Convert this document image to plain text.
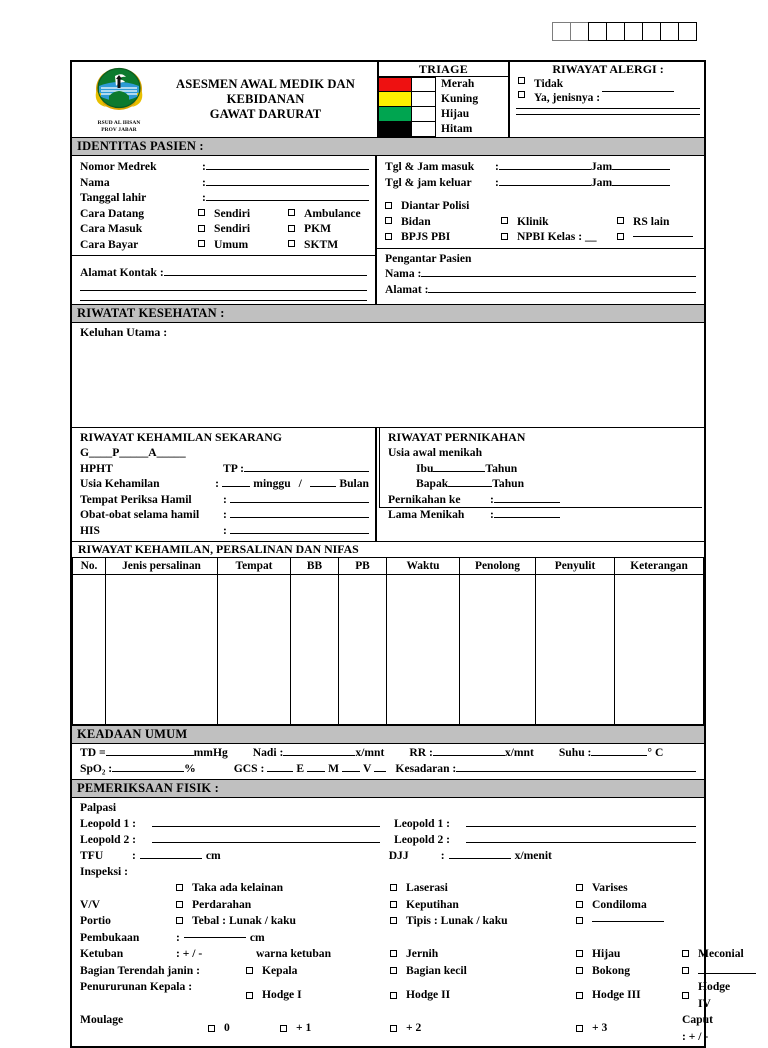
RSUD AL IHSAN
PROV JABAR
ASESMEN AWAL MEDIK DAN
KEBIDANAN
GAWAT DARURAT
TRIAGE
Merah
Kuning
Hijau
Hitam
RIWAYAT ALERGI :
Tidak
Ya, jenisnya :
IDENTITAS PASIEN :
Nomor Medrek	:
Nama	:
Tanggal lahir	:
Cara Datang	Sendiri	Ambulance
Cara Masuk	Sendiri	PKM
Cara Bayar	Umum	SKTM
Alamat Kontak :
Tgl & Jam masuk	:	Jam
Tgl & jam keluar	:	Jam
Diantar Polisi
Bidan	Klinik	RS lain
BPJS PBI	NPBI Kelas : __
Pengantar Pasien
Nama :
Alamat :
RIWATAT KESEHATAN :
Keluhan Utama :
RIWAYAT KEHAMILAN SEKARANG
G____P_____A_____
HPHT	TP :
Usia Kehamilan	:	minggu /	Bulan
Tempat Periksa Hamil	:
Obat-obat selama hamil	:
HIS	:
RIWAYAT PERNIKAHAN
Usia awal menikah
Ibu	Tahun
Bapak	Tahun
Pernikahan ke	:
Lama Menikah	:
RIWAYAT KEHAMILAN, PERSALINAN DAN NIFAS
No.	Jenis persalinan	Tempat	BB	PB	Waktu	Penolong	Penyulit	Keterangan

KEADAAN UMUM
TD =	mmHg Nadi :	x/mnt RR :	x/mnt Suhu :	° C
SpO₂ :	%	GCS :	E M V Kesadaran :
PEMERIKSAAN FISIK :
Palpasi
Leopold 1 :	Leopold 1 :
Leopold 2 :	Leopold 2 :
TFU	:	cm	DJJ	:	x/menit
Inspeksi :
Taka ada kelainan	Laserasi	Varises
V/V	Perdarahan	Keputihan	Condiloma
Portio	Tebal : Lunak / kaku	Tipis : Lunak / kaku
Pembukaan	:	cm
Ketuban	: + / -	warna ketuban	Jernih	Hijau	Meconial
Bagian Terendah janin :	Kepala	Bagian kecil	Bokong
Penururunan Kepala :
Hodge I	Hodge II	Hodge III
Hodge IV
Moulage
0	+ 1	+ 2	+ 3
Caput : + / -
